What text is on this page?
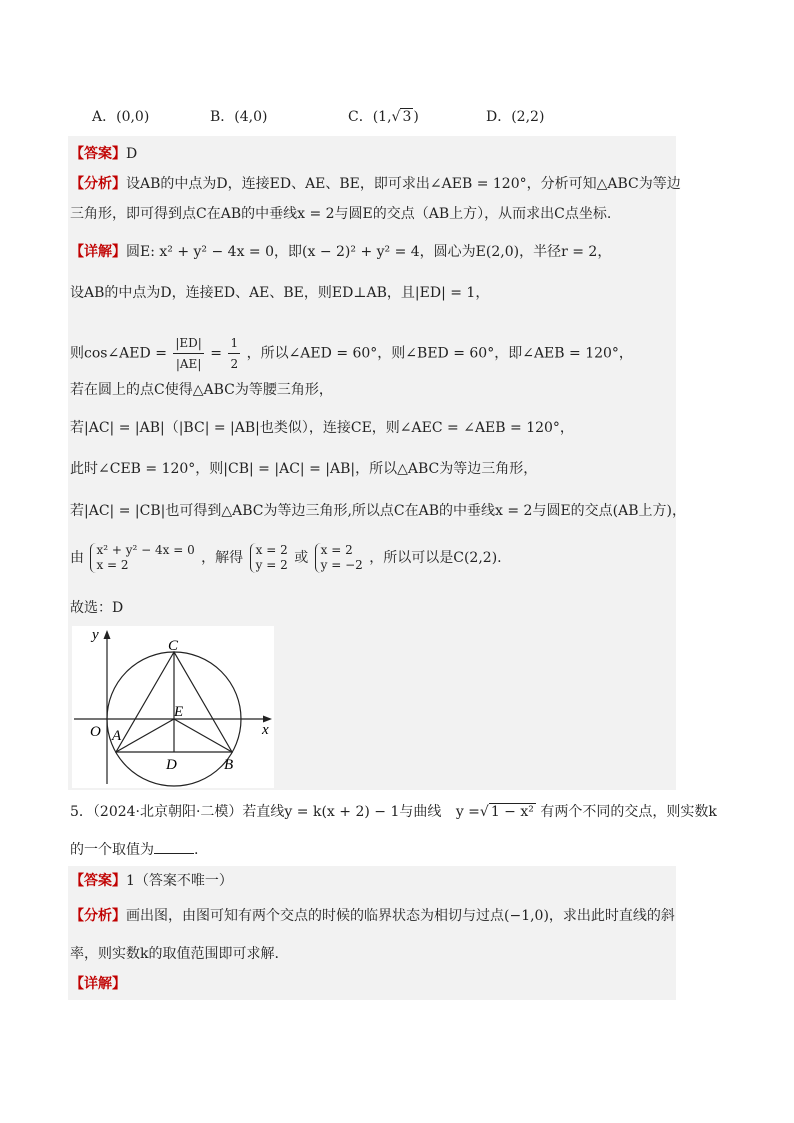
A．(0,0)	B．(4,0)	C．(1,√ 3 )	D．(2,2)
【答案】D
【分析】设AB的中点为D，连接ED、AE、BE，即可求出∠AEB = 120°，分析可知△ABC为等边
三角形，即可得到点C在AB的中垂线x = 2与圆E的交点（AB上方），从而求出C点坐标.
【详解】圆E: x² + y² − 4x = 0，即(x − 2)² + y² = 4，圆心为E(2,0)，半径r = 2，
设AB的中点为D，连接ED、AE、BE，则ED⊥AB，且|ED| = 1，
则cos∠AED = $\frac{|ED|}{|AE|} = \frac{1}{2}$ ，所以∠AED = 60°，则∠BED = 60°，即∠AEB = 120°，
若在圆上的点C使得△ABC为等腰三角形，
若|AC| = |AB|（|BC| = |AB|也类似），连接CE，则∠AEC = ∠AEB = 120°，
此时∠CEB = 120°，则|CB| = |AC| = |AB|，所以△ABC为等边三角形，
若|AC| = |CB|也可得到△ABC为等边三角形,所以点C在AB的中垂线x = 2与圆E的交点(AB上方)，
由 x² + y² − 4x = 0
x = 2	，解得 x = 2
y = 2 或 x = 2
y = −2 ，所以可以是C(2,2).
故选：D
y
x
O
C
E
A
D	B
5．（2024·北京朝阳·二模）若直线y = k(x + 2) − 1与曲线 y =√ 1 − x² 有两个不同的交点，则实数k
的一个取值为	.
【答案】1（答案不唯一）
【分析】画出图，由图可知有两个交点的时候的临界状态为相切与过点(−1,0)，求出此时直线的斜
率，则实数k的取值范围即可求解.
【详解】
